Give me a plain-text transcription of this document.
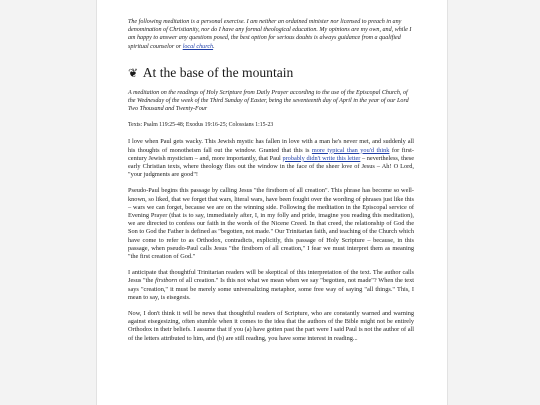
The following meditation is a personal exercise. I am neither an ordained minister nor licensed to preach in any denomination of Christianity, nor do I have any formal theological education. My opinions are my own, and, while I am happy to answer any questions posed, the best option for serious doubts is always guidance from a qualified spiritual counselor or local church.

❦ At the base of the mountain

A meditation on the readings of Holy Scripture from Daily Prayer according to the use of the Episcopal Church, of the Wednesday of the week of the Third Sunday of Easter, being the seventeenth day of April in the year of our Lord Two Thousand and Twenty-Four

Texts: Psalm 119:25-48; Exodus 19:16-25; Colossians 1:15-23

I love when Paul gets wacky. This Jewish mystic has fallen in love with a man he's never met, and suddenly all his thoughts of monotheism fall out the window. Granted that this is more typical than you'd think for first-century Jewish mysticism – and, more importantly, that Paul probably didn't write this letter – nevertheless, these early Christian texts, where theology flies out the window in the face of the sheer love of Jesus – Ah! O Lord, "your judgments are good"!

Pseudo-Paul begins this passage by calling Jesus "the firstborn of all creation". This phrase has become so well-known, so liked, that we forget that wars, literal wars, have been fought over the wording of phrases just like this – wars we can forget, because we are on the winning side. Following the meditation in the Episcopal service of Evening Prayer (that is to say, immediately after, I, in my folly and pride, imagine you reading this meditation), we are directed to confess our faith in the words of the Nicene Creed. In that creed, the relationship of God the Son to God the Father is defined as "begotten, not made." Our Trinitarian faith, and teaching of the Church which have come to refer to as Orthodox, contradicts, explicitly, this passage of Holy Scripture – because, in this passage, when pseudo-Paul calls Jesus "the firstborn of all creation," I fear we must interpret them as meaning "the first creation of God."

I anticipate that thoughtful Trinitarian readers will be skeptical of this interpretation of the text. The author calls Jesus "the firstborn of all creation." Is this not what we mean when we say "begotten, not made"? When the text says "creation," it must be merely some universalizing metaphor, some free way of saying "all things." This, I mean to say, is eisegesis.

Now, I don't think it will be news that thoughtful readers of Scripture, who are constantly warned and warning against eisegesizing, often stumble when it comes to the idea that the authors of the Bible might not be entirely Orthodox in their beliefs. I assume that if you (a) have gotten past the part were I said Paul is not the author of all of the letters attributed to him, and (b) are still reading, you have some interest in reading...
